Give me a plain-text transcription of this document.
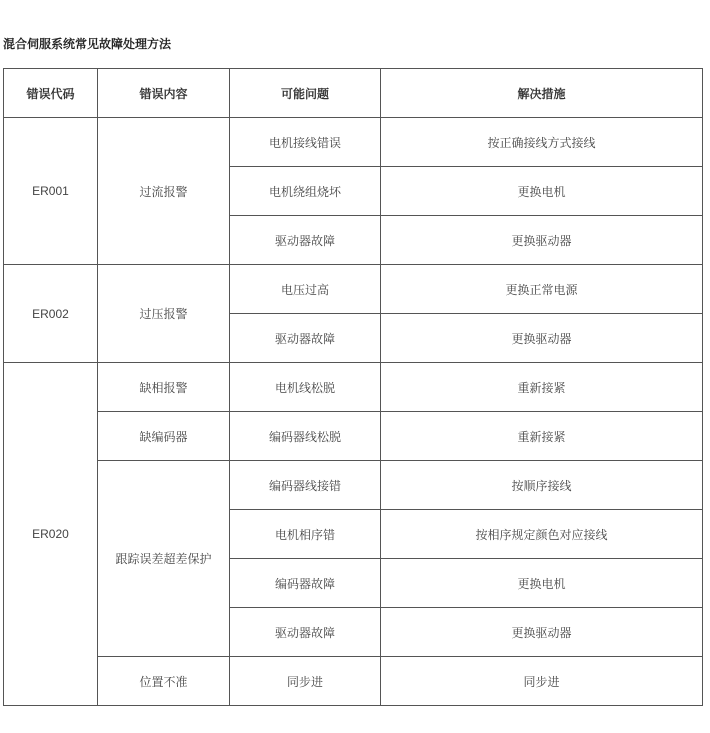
混合伺服系统常见故障处理方法
错误代码	错误内容	可能问题	解决措施
ER001	过流报警	电机接线错误	按正确接线方式接线
		电机绕组烧坏	更换电机
		驱动器故障	更换驱动器
ER002	过压报警	电压过高	更换正常电源
		驱动器故障	更换驱动器
ER020	缺相报警	电机线松脱	重新接紧
	缺编码器	编码器线松脱	重新接紧
	跟踪误差超差保护	编码器线接错	按顺序接线
		电机相序错	按相序规定颜色对应接线
		编码器故障	更换电机
		驱动器故障	更换驱动器
	位置不准	同步进	同步进
